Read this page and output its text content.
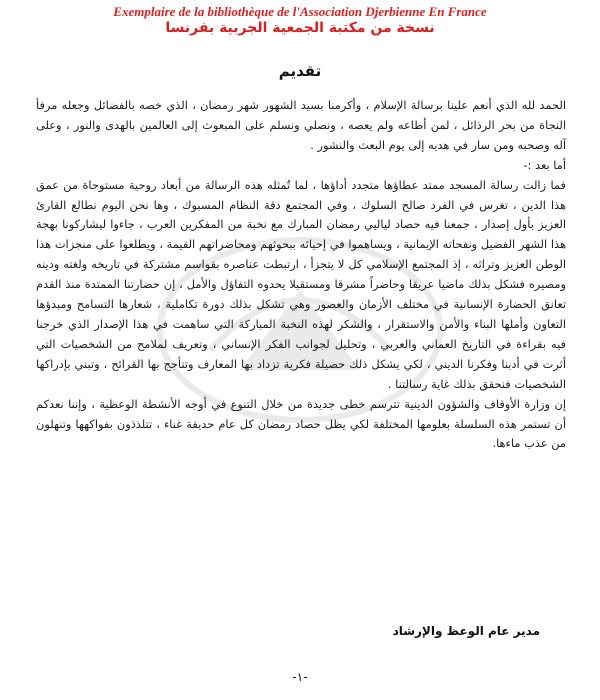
Exemplaire de la bibliothèque de l'Association Djerbienne En France
نسخة من مكتبة الجمعية الجربية بفرنسا
تقديم

الحمد لله الذي أنعم علينا برسالة الإسلام ، وأكرمنا بسيد الشهور شهر رمضان ، الذي خصه بالفضائل وجعله مرفأ النجاة من بحر الرذائل ، لمن أطاعه ولم يعصه ، ونصلي ونسلم على المبعوث إلى العالمين بالهدى والنور ، وعلى آله وصحبه ومن سار في هديه إلى يوم البعث والنشور .

أما بعد :-

فما زالت رسالة المسجد ممتد عطاؤها متجدد أداؤها ، لما تُمثله هذه الرسالة من أبعاد روحية مستوحاة من عمق هذا الدين ، تغرس في الفرد صالح السلوك ، وفي المجتمع دقة النظام المسبوك ، وها نحن اليوم نطالع القارئ العزيز بأول إصدار ، جمعنا فيه حصاد لياليي رمضان المبارك مع نخبة من المفكرين العرب ، جاءوا ليشاركونا بهجة هذا الشهر الفضيل ونفحاته الإيمانية ، ويساهموا في إحيائه ببحوثهم ومحاضراتهم القيمة ، ويطلعوا على منجزات هذا الوطن العزيز وتراثه ، إذ المجتمع الإسلامي كل لا يتجزأ ، ارتبطت عناصره بقواسم مشتركة في تاريخه ولغته ودينه ومصيره فشكل بذلك ماضيا عريقا وحاضراً مشرقا ومستقبلا يحدوه التفاؤل والأمل ، إن حضارتنا الممتدة منذ القدم تعانق الحضارة الإنسانية في مختلف الأزمان والعصور وهي تشكل بذلك دورة تكاملية ، شعارها التسامح ومبدؤها التعاون وأملها البناء والأمن والاستقرار ، والشكر لهذه النخبة المباركة التي ساهمت في هذا الإصدار الذي خرجنا فيه بقراءة في التاريخ العماني والعربي ، وتحليل لجوانب الفكر الإنساني ، وتعريف لملامح من الشخصيات التي أثرت في أدبنا وفكرنا الديني ، لكي يشكل ذلك حصيلة فكرية تزداد بها المعارف وتتأجج بها القرائح ، وتبني بإدراكها الشخصيات فنحقق بذلك غاية رسالتنا .

إن وزارة الأوقاف والشؤون الدينية تترسم خطى جديدة من خلال التنوع في أوجه الأنشطة الوعظية ، وإننا نعدكم أن تستمر هذه السلسلة بعلومها المختلفة لكي يظل حصاد رمضان كل عام حديقة غناء ، تتلذذون بفواكهها وتنهلون من عذب ماءها.

مدير عام الوعظ والإرشاد
-١-
